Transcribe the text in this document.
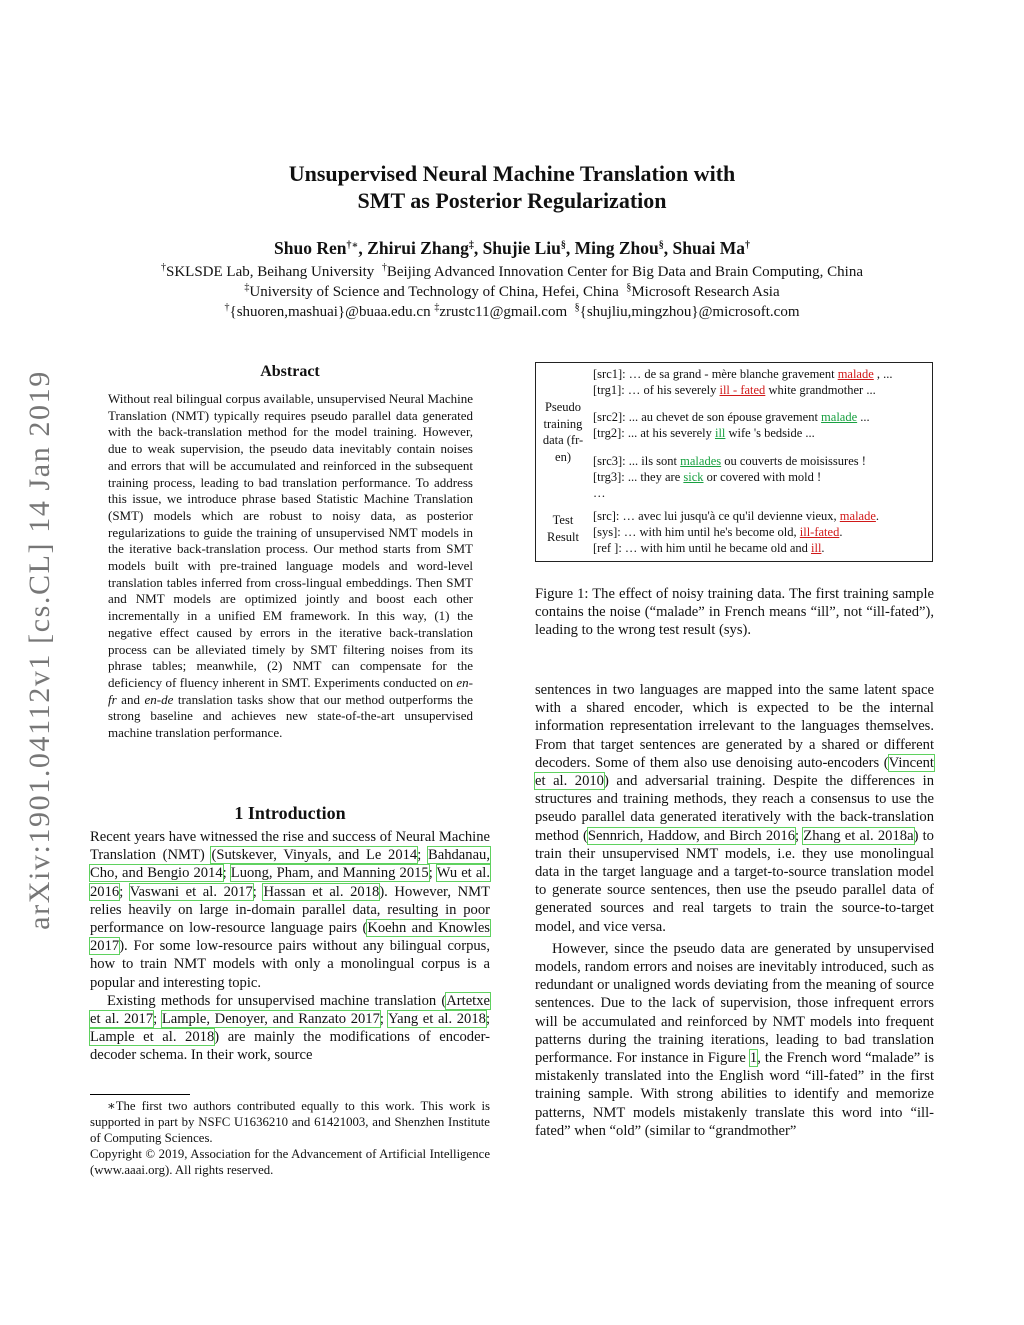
arXiv:1901.04112v1 [cs.CL] 14 Jan 2019
Unsupervised Neural Machine Translation with
SMT as Posterior Regularization
Shuo Ren†∗, Zhirui Zhang‡, Shujie Liu§, Ming Zhou§, Shuai Ma†
†SKLSDE Lab, Beihang University †Beijing Advanced Innovation Center for Big Data and Brain Computing, China
‡University of Science and Technology of China, Hefei, China §Microsoft Research Asia
†{shuoren,mashuai}@buaa.edu.cn ‡zrustc11@gmail.com §{shujliu,mingzhou}@microsoft.com
Abstract
Without real bilingual corpus available, unsupervised Neural Machine Translation (NMT) typically requires pseudo parallel data generated with the back-translation method for the model training. However, due to weak supervision, the pseudo data inevitably contain noises and errors that will be accumulated and reinforced in the subsequent training process, leading to bad translation performance. To address this issue, we introduce phrase based Statistic Machine Translation (SMT) models which are robust to noisy data, as posterior regularizations to guide the training of unsupervised NMT models in the iterative back-translation process. Our method starts from SMT models built with pre-trained language models and word-level translation tables inferred from cross-lingual embeddings. Then SMT and NMT models are optimized jointly and boost each other incrementally in a unified EM framework. In this way, (1) the negative effect caused by errors in the iterative back-translation process can be alleviated timely by SMT filtering noises from its phrase tables; meanwhile, (2) NMT can compensate for the deficiency of fluency inherent in SMT. Experiments conducted on en-fr and en-de translation tasks show that our method outperforms the strong baseline and achieves new state-of-the-art unsupervised machine translation performance.
1 Introduction

Recent years have witnessed the rise and success of Neural Machine Translation (NMT) (Sutskever, Vinyals, and Le 2014; Bahdanau, Cho, and Bengio 2014; Luong, Pham, and Manning 2015; Wu et al. 2016; Vaswani et al. 2017; Hassan et al. 2018). However, NMT relies heavily on large in-domain parallel data, resulting in poor performance on low-resource language pairs (Koehn and Knowles 2017). For some low-resource pairs without any bilingual corpus, how to train NMT models with only a monolingual corpus is a popular and interesting topic.

Existing methods for unsupervised machine translation (Artetxe et al. 2017; Lample, Denoyer, and Ranzato 2017; Yang et al. 2018; Lample et al. 2018) are mainly the modifications of encoder-decoder schema. In their work, source

∗The first two authors contributed equally to this work. This work is supported in part by NSFC U1636210 and 61421003, and Shenzhen Institute of Computing Sciences.

Copyright © 2019, Association for the Advancement of Artificial Intelligence (www.aaai.org). All rights reserved.

Pseudo training data (fr-en)
Test Result
[src1]: … de sa grand - mère blanche gravement malade , ...
[trg1]: … of his severely ill - fated white grandmother ...
[src2]: ... au chevet de son épouse gravement malade ...
[trg2]: ... at his severely ill wife 's bedside ...
[src3]: ... ils sont malades ou couverts de moisissures !
[trg3]: ... they are sick or covered with mold !
…
[src]: … avec lui jusqu'à ce qu'il devienne vieux, malade.
[sys]: … with him until he's become old, ill-fated.
[ref ]: … with him until he became old and ill.
Figure 1: The effect of noisy training data. The first training sample contains the noise (“malade” in French means “ill”, not “ill-fated”), leading to the wrong test result (sys).

sentences in two languages are mapped into the same latent space with a shared encoder, which is expected to be the internal information representation irrelevant to the languages themselves. From that target sentences are generated by a shared or different decoders. Some of them also use denoising auto-encoders (Vincent et al. 2010) and adversarial training. Despite the differences in structures and training methods, they reach a consensus to use the pseudo parallel data generated iteratively with the back-translation method (Sennrich, Haddow, and Birch 2016; Zhang et al. 2018a) to train their unsupervised NMT models, i.e. they use monolingual data in the target language and a target-to-source translation model to generate source sentences, then use the pseudo parallel data of generated sources and real targets to train the source-to-target model, and vice versa.

However, since the pseudo data are generated by unsupervised models, random errors and noises are inevitably introduced, such as redundant or unaligned words deviating from the meaning of source sentences. Due to the lack of supervision, those infrequent errors will be accumulated and reinforced by NMT models into frequent patterns during the training iterations, leading to bad translation performance. For instance in Figure 1, the French word “malade” is mistakenly translated into the English word “ill-fated” in the first training sample. With strong abilities to identify and memorize patterns, NMT models mistakenly translate this word into “ill-fated” when “old” (similar to “grandmother”
